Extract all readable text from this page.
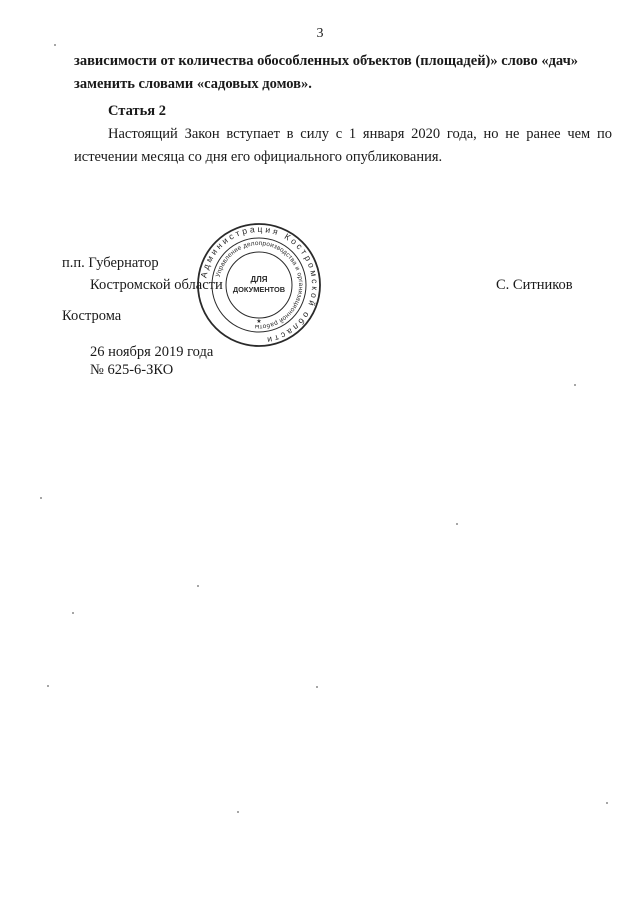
3
зависимости от количества обособленных объектов (площадей)» слово «дач»
заменить словами «садовых домов».
Статья 2
Настоящий Закон вступает в силу с 1 января 2020 года, но не ранее чем по истечении месяца со дня его официального опубликования.
п.п. Губернатор
Костромской области	С. Ситников
Администрация Костромской области
Управление делопроизводства и организационной работы
ДЛЯ
ДОКУМЕНТОВ
★
Кострома
26 ноября 2019 года
№ 625-6-ЗКО
